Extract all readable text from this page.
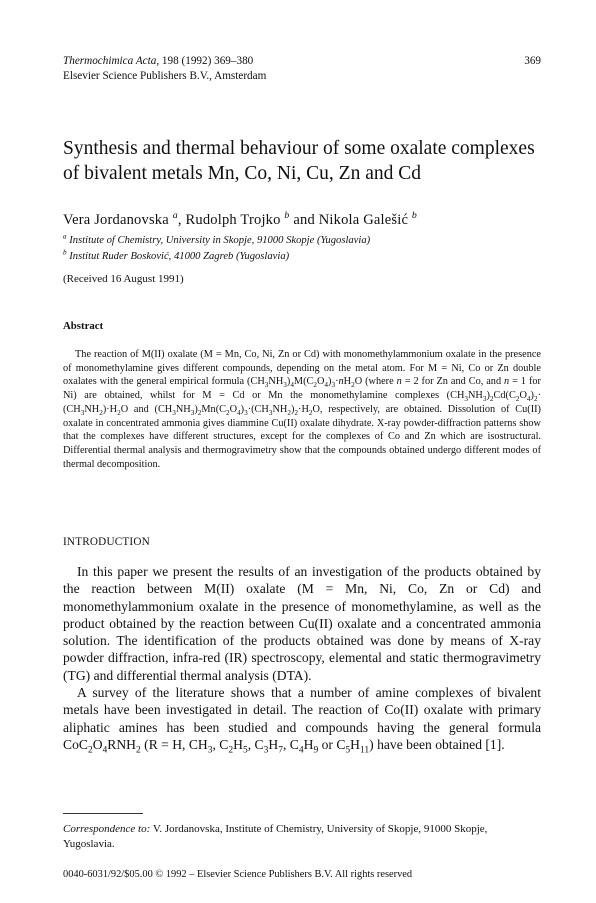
Thermochimica Acta, 198 (1992) 369–380
Elsevier Science Publishers B.V., Amsterdam
369
Synthesis and thermal behaviour of some oxalate complexes
of bivalent metals Mn, Co, Ni, Cu, Zn and Cd
Vera Jordanovska $^a$, Rudolph Trojko $^b$ and Nikola Galešić $^b$
$^a$ Institute of Chemistry, University in Skopje, 91000 Skopje (Yugoslavia)
$^b$ Institut Ruder Bosković, 41000 Zagreb (Yugoslavia)
(Received 16 August 1991)
Abstract

The reaction of M(II) oxalate (M = Mn, Co, Ni, Zn or Cd) with monomethylammonium oxalate in the presence of monomethylamine gives different compounds, depending on the metal atom. For M = Ni, Co or Zn double oxalates with the general empirical formula $(CH_3NH_3)_4M(C_2O_4)_3\cdot nH_2O$ (where n = 2 for Zn and Co, and n = 1 for Ni) are obtained, whilst for M = Cd or Mn the monomethylamine complexes $(CH_3NH_3)_2Cd(C_2O_4)_2\cdot (CH_3NH_2)\cdot H_2O$ and $(CH_3NH_3)_2Mn(C_2O_4)_3\cdot(CH_3NH_2)_2\cdot H_2O$, respectively, are obtained. Dissolution of Cu(II) oxalate in concentrated ammonia gives diammine Cu(II) oxalate dihydrate. X-ray powder-diffraction patterns show that the complexes have different structures, except for the complexes of Co and Zn which are isostructural. Differential thermal analysis and thermogravimetry show that the compounds obtained undergo different modes of thermal decomposition.

INTRODUCTION

In this paper we present the results of an investigation of the products obtained by the reaction between M(II) oxalate (M = Mn, Ni, Co, Zn or Cd) and monomethylammonium oxalate in the presence of monomethylamine, as well as the product obtained by the reaction between Cu(II) oxalate and a concentrated ammonia solution. The identification of the products obtained was done by means of X-ray powder diffraction, infra-red (IR) spectroscopy, elemental and static thermogravimetry (TG) and differential thermal analysis (DTA).

A survey of the literature shows that a number of amine complexes of bivalent metals have been investigated in detail. The reaction of Co(II) oxalate with primary aliphatic amines has been studied and compounds having the general formula $CoC_2O_4RNH_2$ (R = H, $CH_3$, $C_2H_5$, $C_3H_7$, $C_4H_9$ or $C_5H_{11}$) have been obtained [1].

Correspondence to: V. Jordanovska, Institute of Chemistry, University of Skopje, 91000 Skopje, Yugoslavia.
0040-6031/92/$05.00 © 1992 – Elsevier Science Publishers B.V. All rights reserved
